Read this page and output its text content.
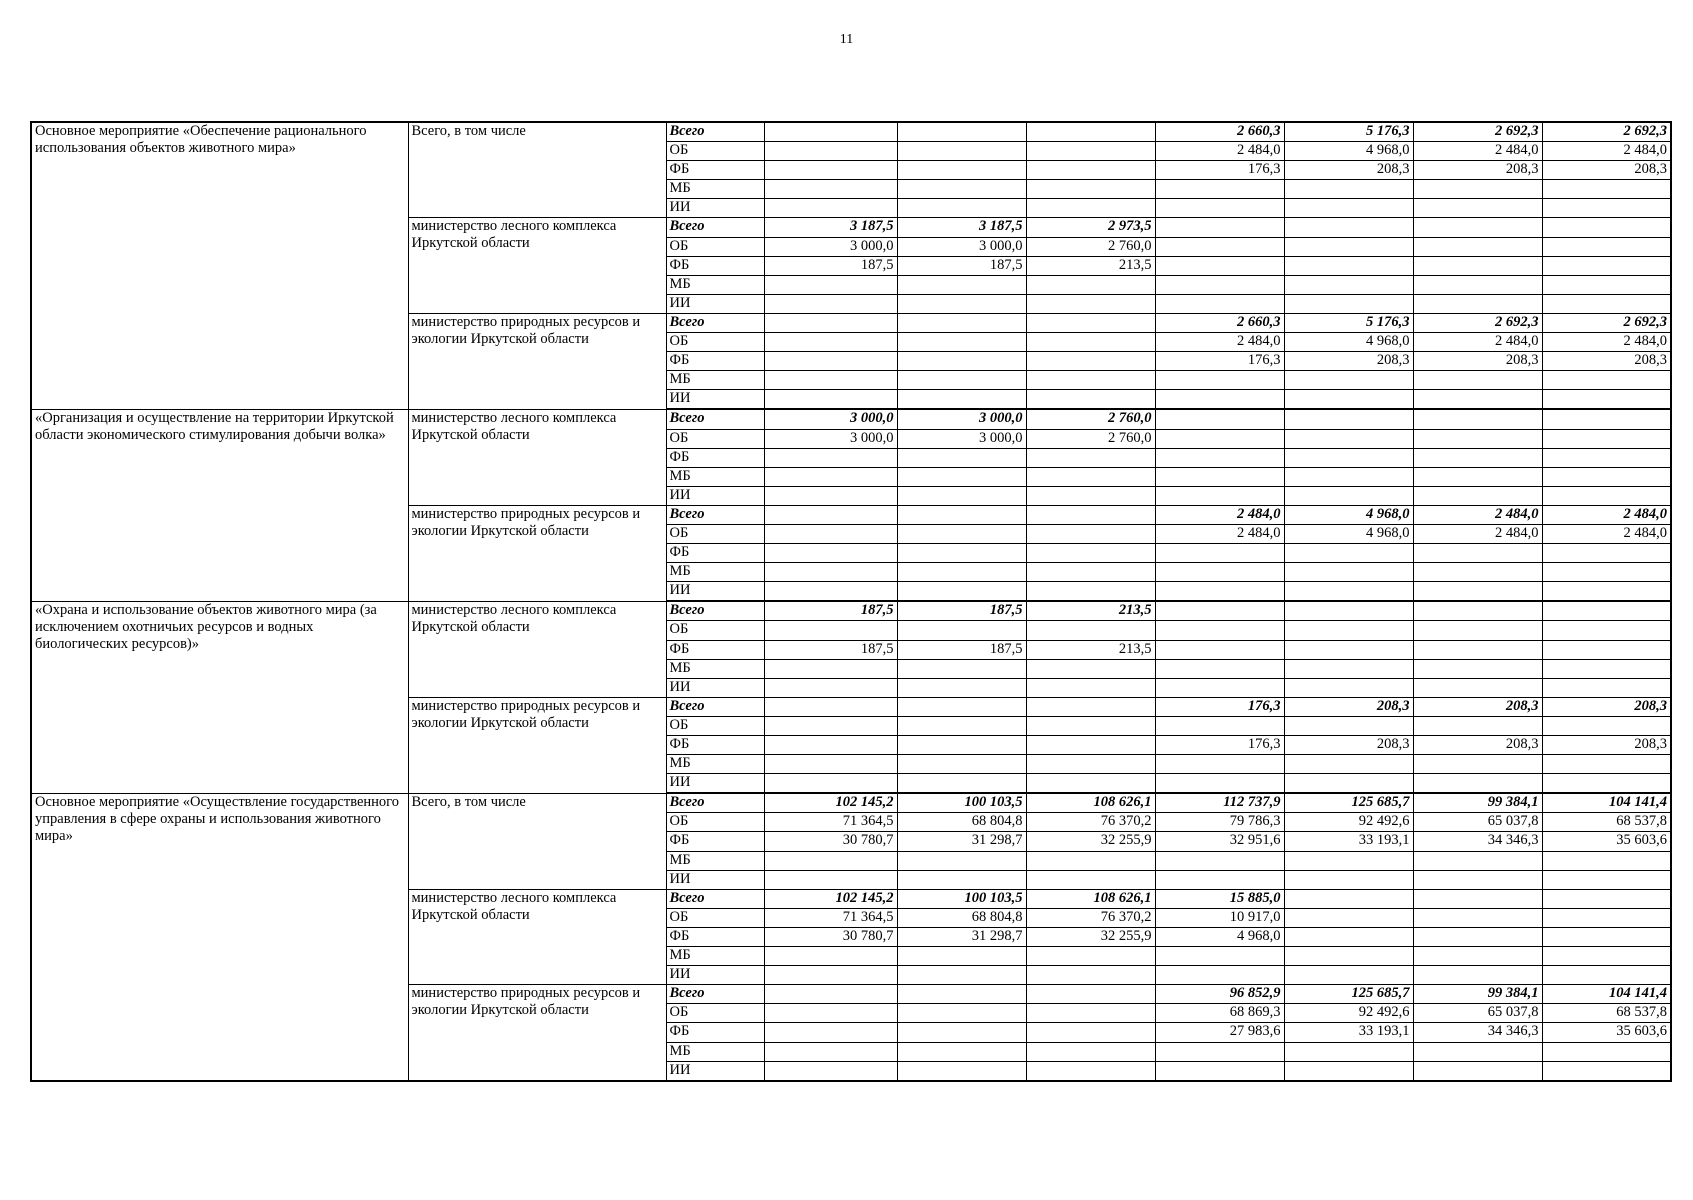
11
Основное мероприятие «Обеспечение рационального использования объектов животного мира»	Всего, в том числе	Всего				2 660,3	5 176,3	2 692,3	2 692,3
		ОБ				2 484,0	4 968,0	2 484,0	2 484,0
		ФБ				176,3	208,3	208,3	208,3
		МБ							
		ИИ							
	министерство лесного комплекса Иркутской области	Всего	3 187,5	3 187,5	2 973,5				
		ОБ	3 000,0	3 000,0	2 760,0				
		ФБ	187,5	187,5	213,5				
		МБ							
		ИИ							
	министерство природных ресурсов и экологии Иркутской области	Всего				2 660,3	5 176,3	2 692,3	2 692,3
		ОБ				2 484,0	4 968,0	2 484,0	2 484,0
		ФБ				176,3	208,3	208,3	208,3
		МБ							
		ИИ							
«Организация и осуществление на территории Иркутской области экономического стимулирования добычи волка»	министерство лесного комплекса Иркутской области	Всего	3 000,0	3 000,0	2 760,0				
		ОБ	3 000,0	3 000,0	2 760,0				
		ФБ							
		МБ							
		ИИ							
	министерство природных ресурсов и экологии Иркутской области	Всего				2 484,0	4 968,0	2 484,0	2 484,0
		ОБ				2 484,0	4 968,0	2 484,0	2 484,0
		ФБ							
		МБ							
		ИИ							
«Охрана и использование объектов животного мира (за исключением охотничьих ресурсов и водных биологических ресурсов)»	министерство лесного комплекса Иркутской области	Всего	187,5	187,5	213,5				
		ОБ							
		ФБ	187,5	187,5	213,5				
		МБ							
		ИИ							
	министерство природных ресурсов и экологии Иркутской области	Всего				176,3	208,3	208,3	208,3
		ОБ							
		ФБ				176,3	208,3	208,3	208,3
		МБ							
		ИИ							
Основное мероприятие «Осуществление государственного управления в сфере охраны и использования животного мира»	Всего, в том числе	Всего	102 145,2	100 103,5	108 626,1	112 737,9	125 685,7	99 384,1	104 141,4
		ОБ	71 364,5	68 804,8	76 370,2	79 786,3	92 492,6	65 037,8	68 537,8
		ФБ	30 780,7	31 298,7	32 255,9	32 951,6	33 193,1	34 346,3	35 603,6
		МБ							
		ИИ							
	министерство лесного комплекса Иркутской области	Всего	102 145,2	100 103,5	108 626,1	15 885,0			
		ОБ	71 364,5	68 804,8	76 370,2	10 917,0			
		ФБ	30 780,7	31 298,7	32 255,9	4 968,0			
		МБ							
		ИИ							
	министерство природных ресурсов и экологии Иркутской области	Всего				96 852,9	125 685,7	99 384,1	104 141,4
		ОБ				68 869,3	92 492,6	65 037,8	68 537,8
		ФБ				27 983,6	33 193,1	34 346,3	35 603,6
		МБ							
		ИИ							
